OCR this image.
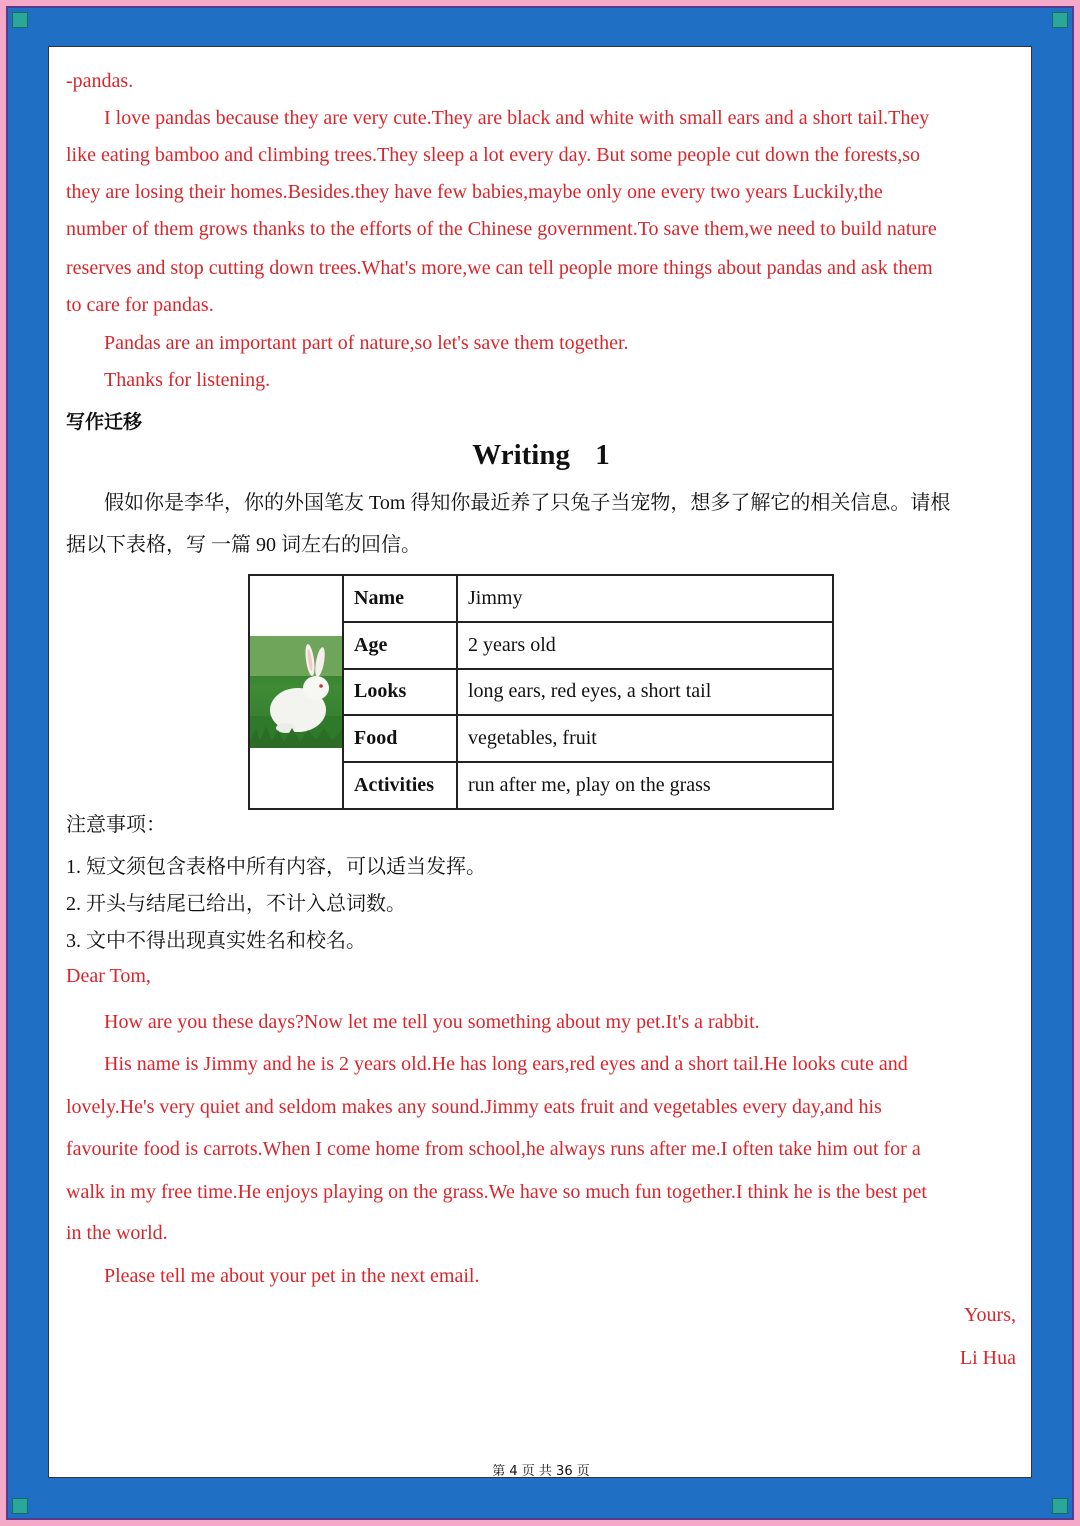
-pandas.
I love pandas because they are very cute.They are black and white with small ears and a short tail.They
like eating bamboo and climbing trees.They sleep a lot every day. But some people cut down the forests,so
they are losing their homes.Besides.they have few babies,maybe only one every two years Luckily,the
number of them grows thanks to the efforts of the Chinese government.To save them,we need to build nature
reserves and stop cutting down trees.What's more,we can tell people more things about pandas and ask them
to care for pandas.
Pandas are an important part of nature,so let's save them together.
Thanks for listening.
写作迁移
Writing 1
假如你是李华，你的外国笔友 Tom 得知你最近养了只兔子当宠物，想多了解它的相关信息。请根
据以下表格，写 一篇 90 词左右的回信。
	Name	Jimmy
	Age	2 years old
	Looks	long ears, red eyes, a short tail
	Food	vegetables, fruit
	Activities	run after me, play on the grass
注意事项：
1. 短文须包含表格中所有内容，可以适当发挥。
2. 开头与结尾已给出，不计入总词数。
3. 文中不得出现真实姓名和校名。
Dear Tom,
How are you these days?Now let me tell you something about my pet.It's a rabbit.
His name is Jimmy and he is 2 years old.He has long ears,red eyes and a short tail.He looks cute and
lovely.He's very quiet and seldom makes any sound.Jimmy eats fruit and vegetables every day,and his
favourite food is carrots.When I come home from school,he always runs after me.I often take him out for a
walk in my free time.He enjoys playing on the grass.We have so much fun together.I think he is the best pet
in the world.
Please tell me about your pet in the next email.
Yours,
Li Hua
第 4 页 共 36 页
